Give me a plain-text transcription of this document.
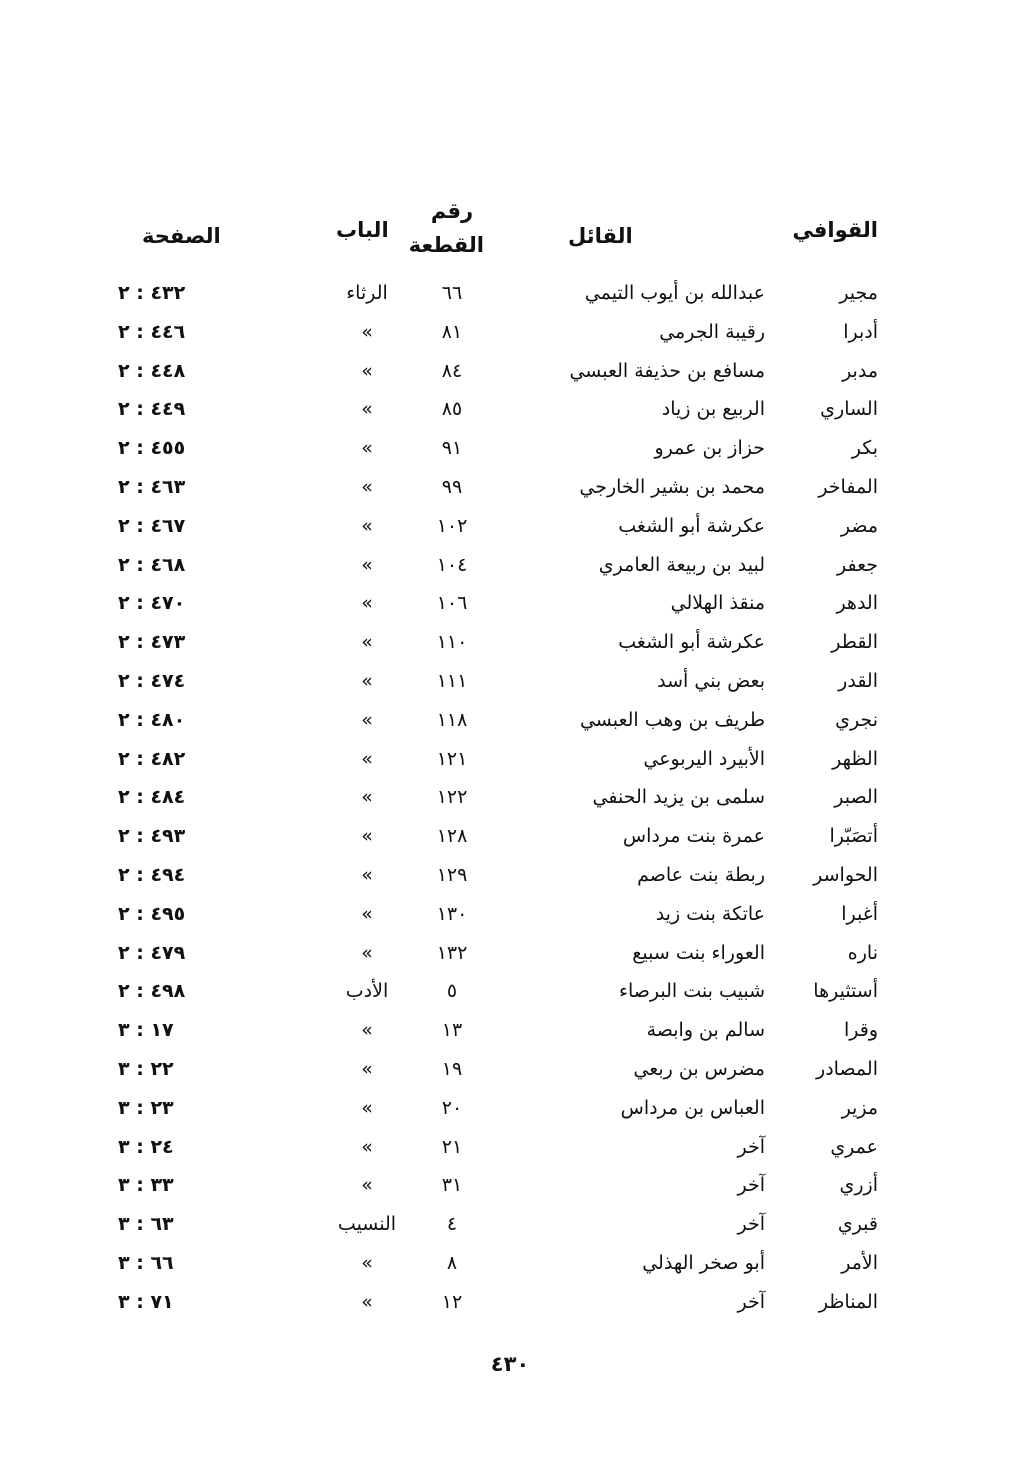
القوافي
القائل
رقم
القطعة
الباب
الصفحة
مجير
عبدالله بن أيوب التيمي
٦٦
الرثاء
٤٣٢ : ٢
أدبرا
رقيبة الجرمي
٨١
»
٤٤٦ : ٢
مدبر
مسافع بن حذيفة العبسي
٨٤
»
٤٤٨ : ٢
الساري
الربيع بن زياد
٨٥
»
٤٤٩ : ٢
بكر
حزاز بن عمرو
٩١
»
٤٥٥ : ٢
المفاخر
محمد بن بشير الخارجي
٩٩
»
٤٦٣ : ٢
مضر
عكرشة أبو الشغب
١٠٢
»
٤٦٧ : ٢
جعفر
لبيد بن ربيعة العامري
١٠٤
»
٤٦٨ : ٢
الدهر
منقذ الهلالي
١٠٦
»
٤٧٠ : ٢
القطر
عكرشة أبو الشغب
١١٠
»
٤٧٣ : ٢
القدر
بعض بني أسد
١١١
»
٤٧٤ : ٢
نجري
طريف بن وهب العبسي
١١٨
»
٤٨٠ : ٢
الظهر
الأبيرد اليربوعي
١٢١
»
٤٨٢ : ٢
الصبر
سلمى بن يزيد الحنفي
١٢٢
»
٤٨٤ : ٢
أتصَبّرا
عمرة بنت مرداس
١٢٨
»
٤٩٣ : ٢
الحواسر
ربطة بنت عاصم
١٢٩
»
٤٩٤ : ٢
أغبرا
عاتكة بنت زيد
١٣٠
»
٤٩٥ : ٢
ناره
العوراء بنت سبيع
١٣٢
»
٤٧٩ : ٢
أستثيرها
شبيب بنت البرصاء
٥
الأدب
٤٩٨ : ٢
وقرا
سالم بن وابصة
١٣
»
١٧ : ٣
المصادر
مضرس بن ربعي
١٩
»
٢٢ : ٣
مزير
العباس بن مرداس
٢٠
»
٢٣ : ٣
عمري
آخر
٢١
»
٢٤ : ٣
أزري
آخر
٣١
»
٣٣ : ٣
قبري
آخر
٤
النسيب
٦٣ : ٣
الأمر
أبو صخر الهذلي
٨
»
٦٦ : ٣
المناظر
آخر
١٢
»
٧١ : ٣
٤٣٠
